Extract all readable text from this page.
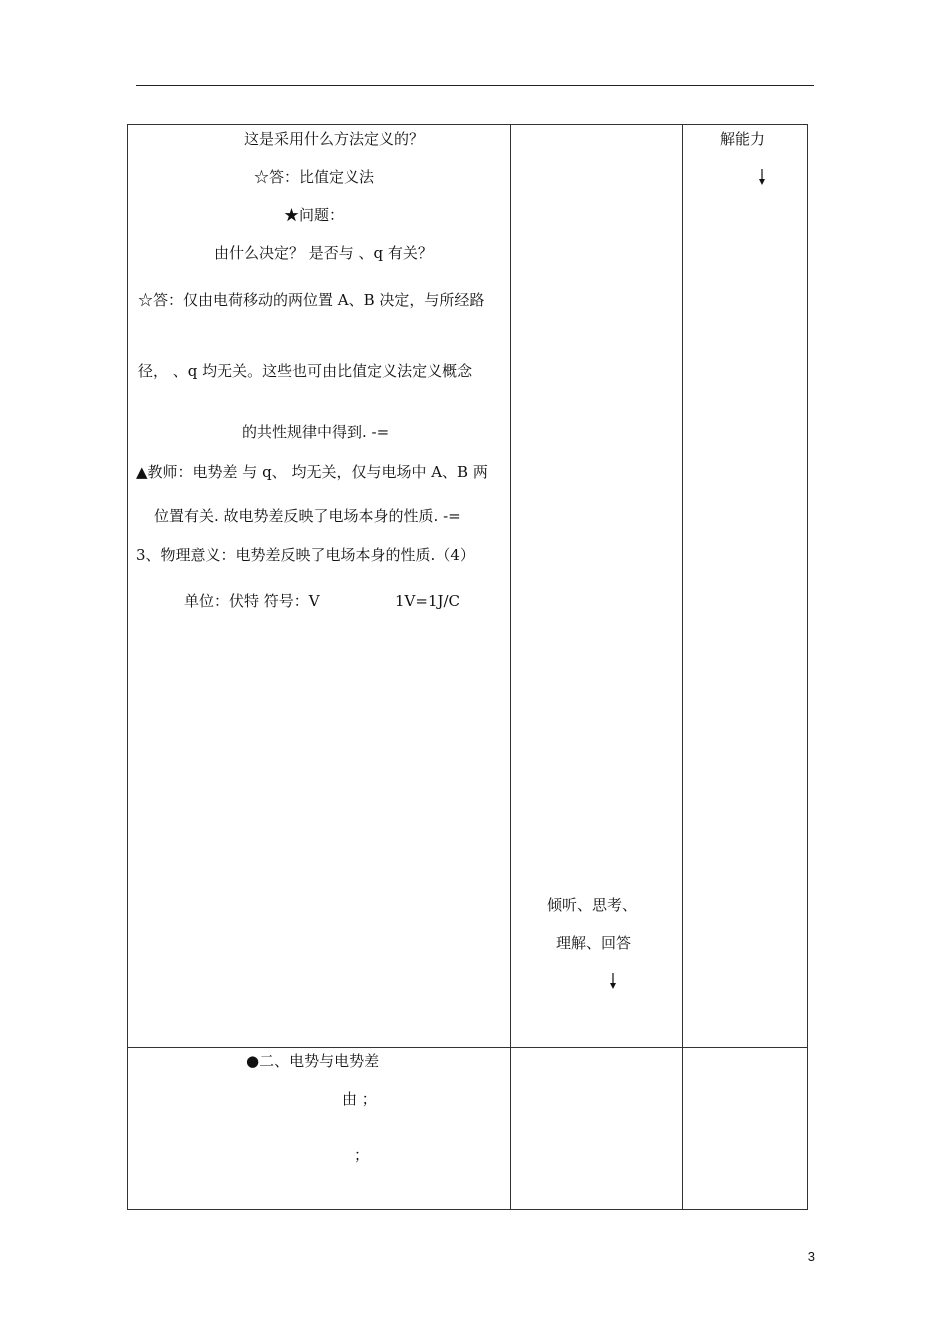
这是采用什么方法定义的？
☆答：比值定义法
★问题：
由什么决定？ 是否与 、q 有关？
☆答：仅由电荷移动的两位置 A、B 决定，与所经路
径， 、q 均无关。这些也可由比值定义法定义概念
的共性规律中得到. -=
▲教师：电势差 与 q、 均无关，仅与电场中 A、B 两
位置有关. 故电势差反映了电场本身的性质. -=
3、物理意义：电势差反映了电场本身的性质.（4）
单位：伏特 符号：V	1V=1J/C
倾听、思考、
理解、回答
解能力
●二、电势与电势差
由 ；
；
3
